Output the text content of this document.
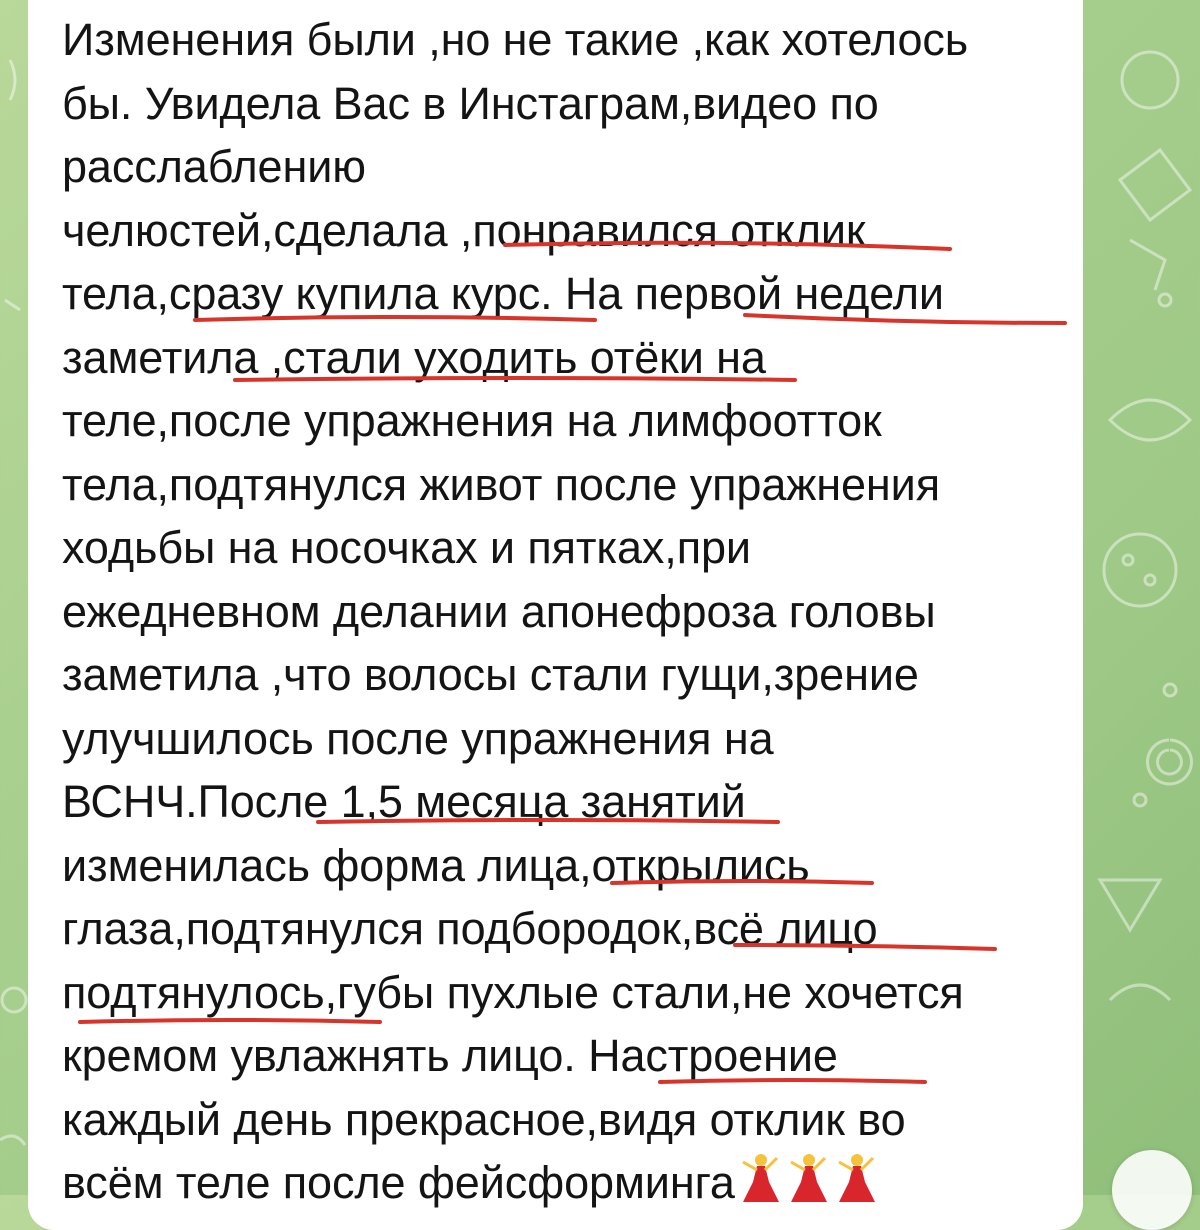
Изменения были ,но не такие ,как хотелось
бы. Увидела Вас в Инстаграм,видео по
расслаблению
челюстей,сделала ,понравился отклик
тела,сразу купила курс. На первой недели
заметила ,стали уходить отёки на
теле,после упражнения на лимфоотток
тела,подтянулся живот после упражнения
ходьбы на носочках и пятках,при
ежедневном делании апонефроза головы
заметила ,что волосы стали гущи,зрение
улучшилось после упражнения на
ВСНЧ.После 1,5 месяца занятий
изменилась форма лица,открылись
глаза,подтянулся подбородок,всё лицо
подтянулось,губы пухлые стали,не хочется
кремом увлажнять лицо. Настроение
каждый день прекрасное,видя отклик во
всём теле после фейсформинга
